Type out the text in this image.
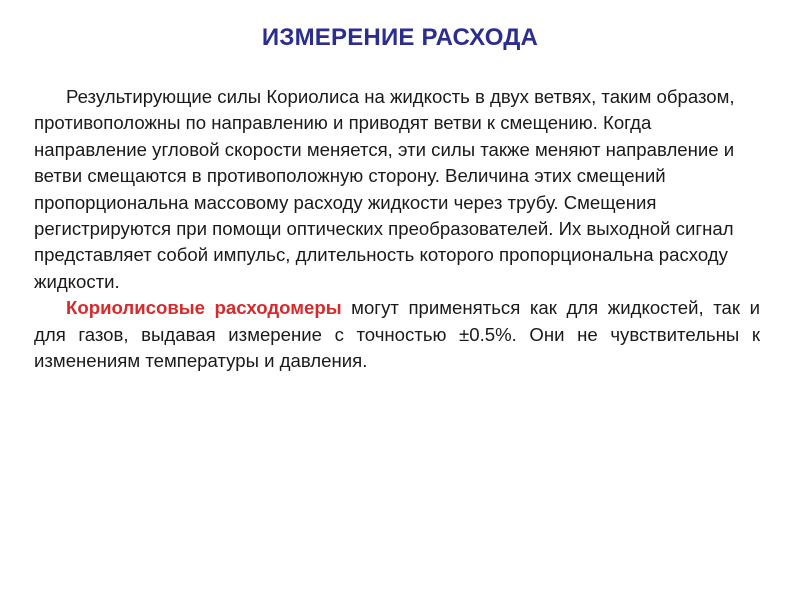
ИЗМЕРЕНИЕ РАСХОДА

Результирующие силы Кориолиса на жидкость в двух ветвях, таким образом, противоположны по направлению и приводят ветви к смещению. Когда направление угловой скорости меняется, эти силы также меняют направление и ветви смещаются в противоположную сторону. Величина этих смещений пропорциональна массовому расходу жидкости через трубу. Смещения регистрируются при помощи оптических преобразователей. Их выходной сигнал представляет собой импульс, длительность которого пропорциональна расходу жидкости.

Кориолисовые расходомеры могут применяться как для жидкостей, так и для газов, выдавая измерение с точностью ±0.5%. Они не чувствительны к изменениям температуры и давления.
